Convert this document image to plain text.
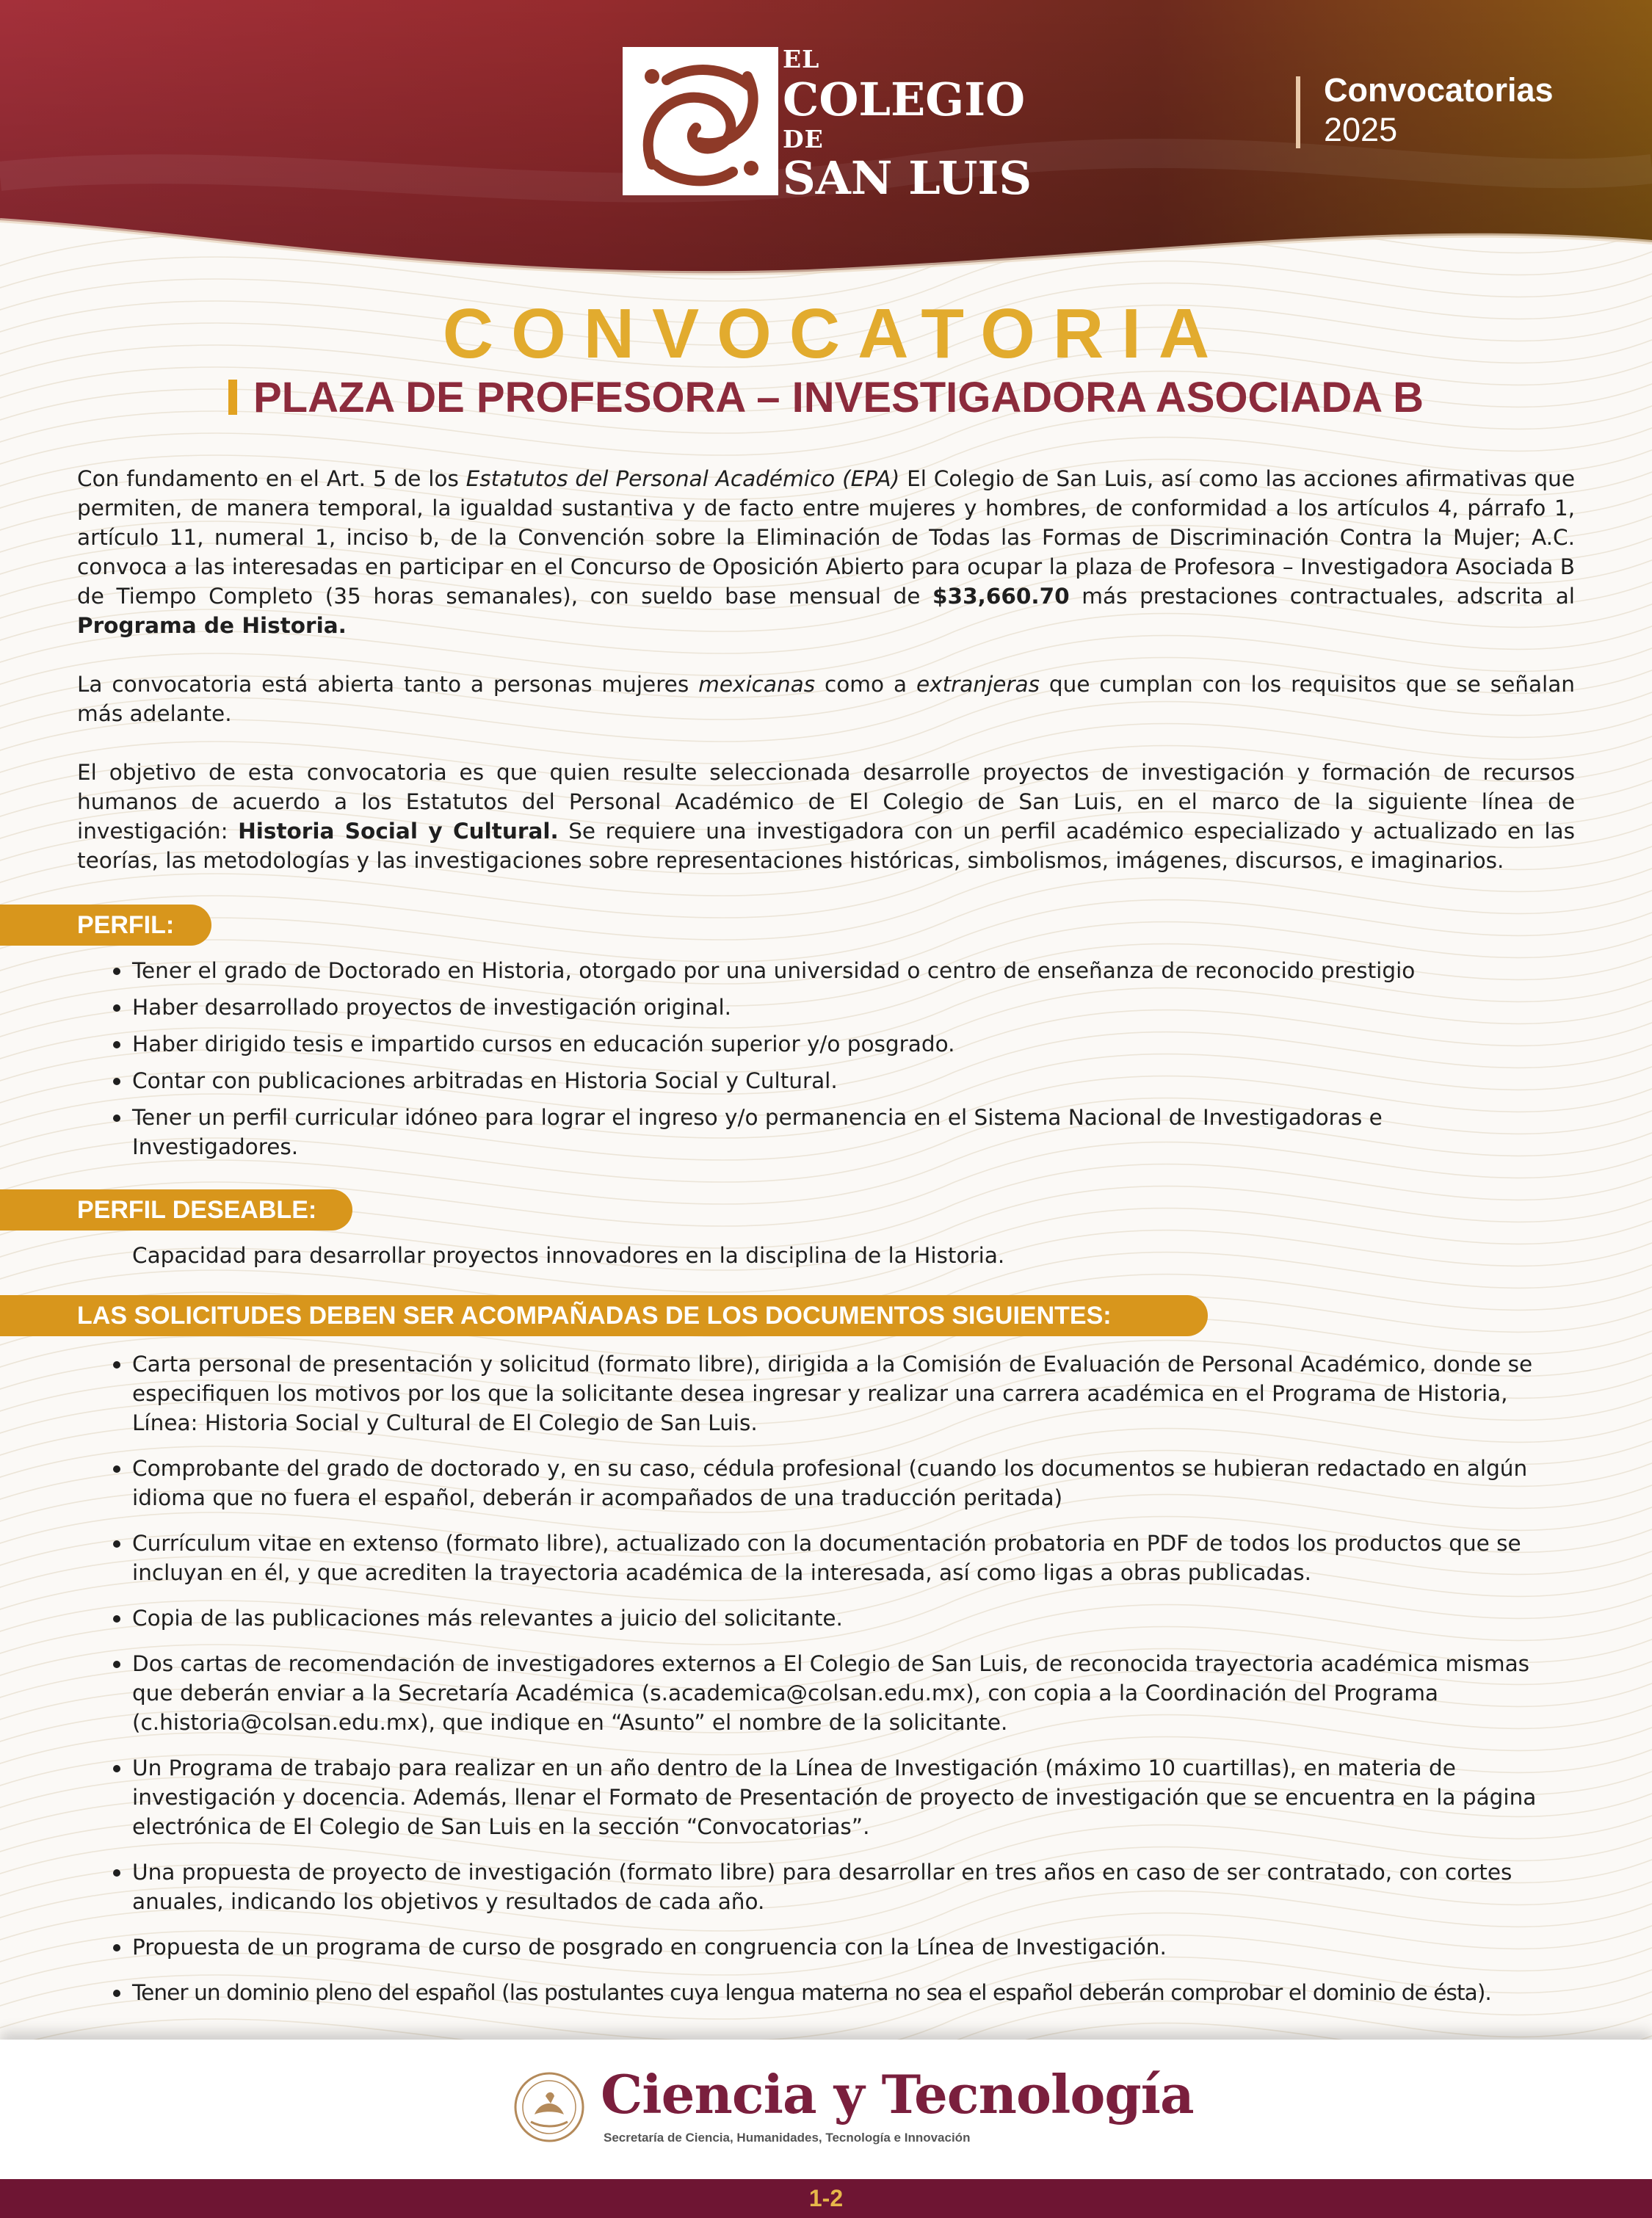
EL
COLEGIO
DE
SAN LUIS
Convocatorias
2025
CONVOCATORIA
PLAZA DE PROFESORA – INVESTIGADORA ASOCIADA B

Con fundamento en el Art. 5 de los Estatutos del Personal Académico (EPA) El Colegio de San Luis, así como las acciones afirmativas que permiten, de manera temporal, la igualdad sustantiva y de facto entre mujeres y hombres, de conformidad a los artículos 4, párrafo 1, artículo 11, numeral 1, inciso b, de la Convención sobre la Eliminación de Todas las Formas de Discriminación Contra la Mujer; A.C. convoca a las interesadas en participar en el Concurso de Oposición Abierto para ocupar la plaza de Profesora – Investigadora Asociada B de Tiempo Completo (35 horas semanales), con sueldo base mensual de $33,660.70 más prestaciones contractuales, adscrita al Programa de Historia.

La convocatoria está abierta tanto a personas mujeres mexicanas como a extranjeras que cumplan con los requisitos que se señalan más adelante.

El objetivo de esta convocatoria es que quien resulte seleccionada desarrolle proyectos de investigación y formación de recursos humanos de acuerdo a los Estatutos del Personal Académico de El Colegio de San Luis, en el marco de la siguiente línea de investigación: Historia Social y Cultural. Se requiere una investigadora con un perfil académico especializado y actualizado en las teorías, las metodologías y las investigaciones sobre representaciones históricas, simbolismos, imágenes, discursos, e imaginarios.

PERFIL:
Tener el grado de Doctorado en Historia, otorgado por una universidad o centro de enseñanza de reconocido prestigio
Haber desarrollado proyectos de investigación original.
Haber dirigido tesis e impartido cursos en educación superior y/o posgrado.
Contar con publicaciones arbitradas en Historia Social y Cultural.
Tener un perfil curricular idóneo para lograr el ingreso y/o permanencia en el Sistema Nacional de Investigadoras e Investigadores.
PERFIL DESEABLE:
Capacidad para desarrollar proyectos innovadores en la disciplina de la Historia.
LAS SOLICITUDES DEBEN SER ACOMPAÑADAS DE LOS DOCUMENTOS SIGUIENTES:
Carta personal de presentación y solicitud (formato libre), dirigida a la Comisión de Evaluación de Personal Académico, donde se especifiquen los motivos por los que la solicitante desea ingresar y realizar una carrera académica en el Programa de Historia, Línea: Historia Social y Cultural de El Colegio de San Luis.
Comprobante del grado de doctorado y, en su caso, cédula profesional (cuando los documentos se hubieran redactado en algún idioma que no fuera el español, deberán ir acompañados de una traducción peritada)
Currículum vitae en extenso (formato libre), actualizado con la documentación probatoria en PDF de todos los productos que se incluyan en él, y que acrediten la trayectoria académica de la interesada, así como ligas a obras publicadas.
Copia de las publicaciones más relevantes a juicio del solicitante.
Dos cartas de recomendación de investigadores externos a El Colegio de San Luis, de reconocida trayectoria académica mismas que deberán enviar a la Secretaría Académica (s.academica@colsan.edu.mx), con copia a la Coordinación del Programa (c.historia@colsan.edu.mx), que indique en “Asunto” el nombre de la solicitante.
Un Programa de trabajo para realizar en un año dentro de la Línea de Investigación (máximo 10 cuartillas), en materia de investigación y docencia. Además, llenar el Formato de Presentación de proyecto de investigación que se encuentra en la página electrónica de El Colegio de San Luis en la sección “Convocatorias”.
Una propuesta de proyecto de investigación (formato libre) para desarrollar en tres años en caso de ser contratado, con cortes anuales, indicando los objetivos y resultados de cada año.
Propuesta de un programa de curso de posgrado en congruencia con la Línea de Investigación.
Tener un dominio pleno del español (las postulantes cuya lengua materna no sea el español deberán comprobar el dominio de ésta).
Ciencia y Tecnología
Secretaría de Ciencia, Humanidades, Tecnología e Innovación
1-2
